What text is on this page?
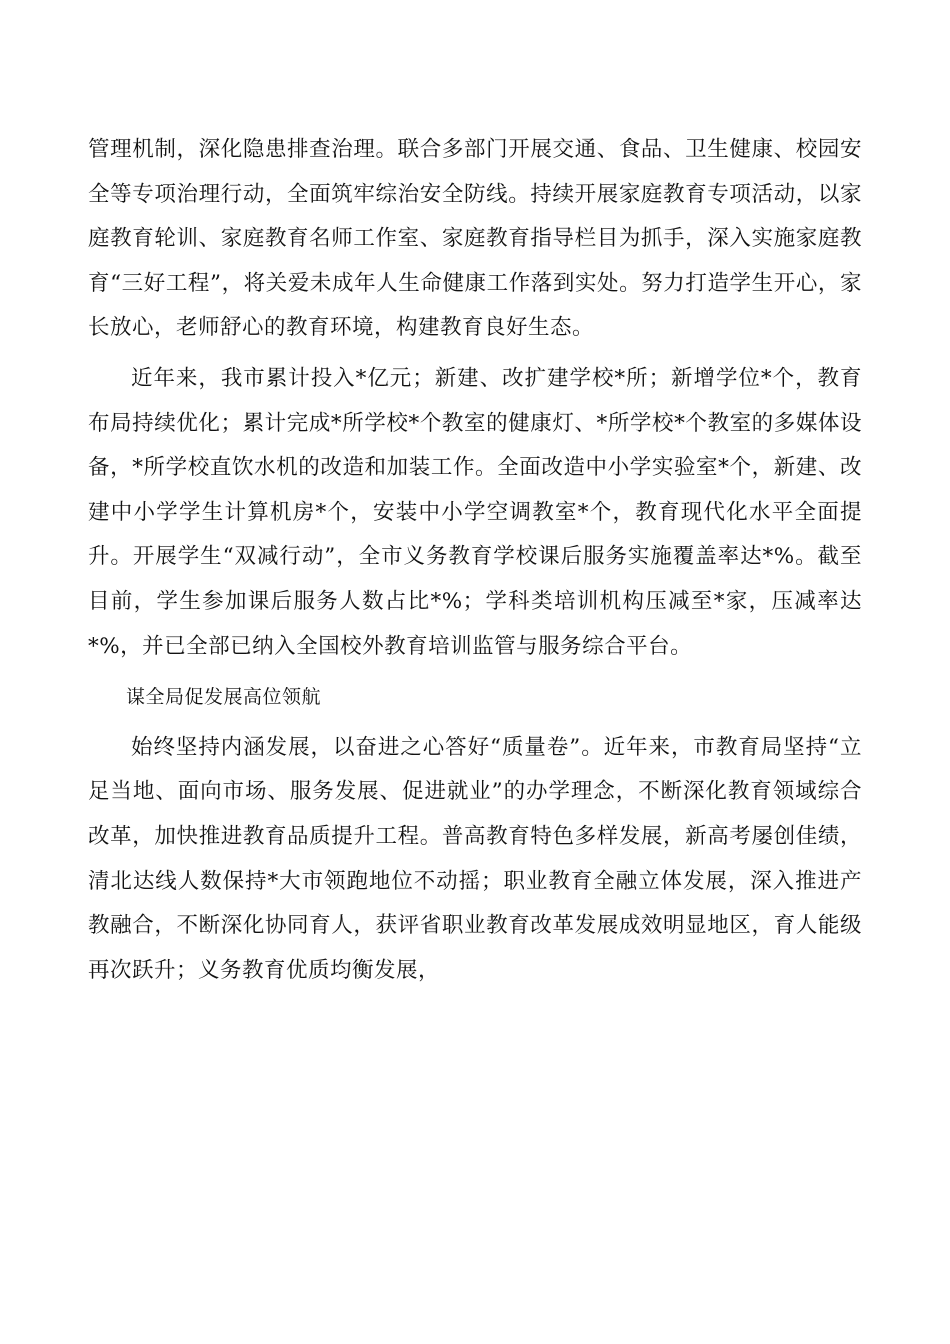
管理机制，深化隐患排查治理。联合多部门开展交通、食品、卫生健康、校园安全等专项治理行动，全面筑牢综治安全防线。持续开展家庭教育专项活动，以家庭教育轮训、家庭教育名师工作室、家庭教育指导栏目为抓手，深入实施家庭教育“三好工程”，将关爱未成年人生命健康工作落到实处。努力打造学生开心，家长放心，老师舒心的教育环境，构建教育良好生态。

近年来，我市累计投入*亿元；新建、改扩建学校*所；新增学位*个，教育布局持续优化；累计完成*所学校*个教室的健康灯、*所学校*个教室的多媒体设备，*所学校直饮水机的改造和加装工作。全面改造中小学实验室*个，新建、改建中小学学生计算机房*个，安装中小学空调教室*个，教育现代化水平全面提升。开展学生“双减行动”，全市义务教育学校课后服务实施覆盖率达*%。截至目前，学生参加课后服务人数占比*%；学科类培训机构压减至*家，压减率达*%，并已全部已纳入全国校外教育培训监管与服务综合平台。

谋全局促发展高位领航

始终坚持内涵发展，以奋进之心答好“质量卷”。近年来，市教育局坚持“立足当地、面向市场、服务发展、促进就业”的办学理念，不断深化教育领域综合改革，加快推进教育品质提升工程。普高教育特色多样发展，新高考屡创佳绩，清北达线人数保持*大市领跑地位不动摇；职业教育全融立体发展，深入推进产教融合，不断深化协同育人，获评省职业教育改革发展成效明显地区，育人能级再次跃升；义务教育优质均衡发展，
